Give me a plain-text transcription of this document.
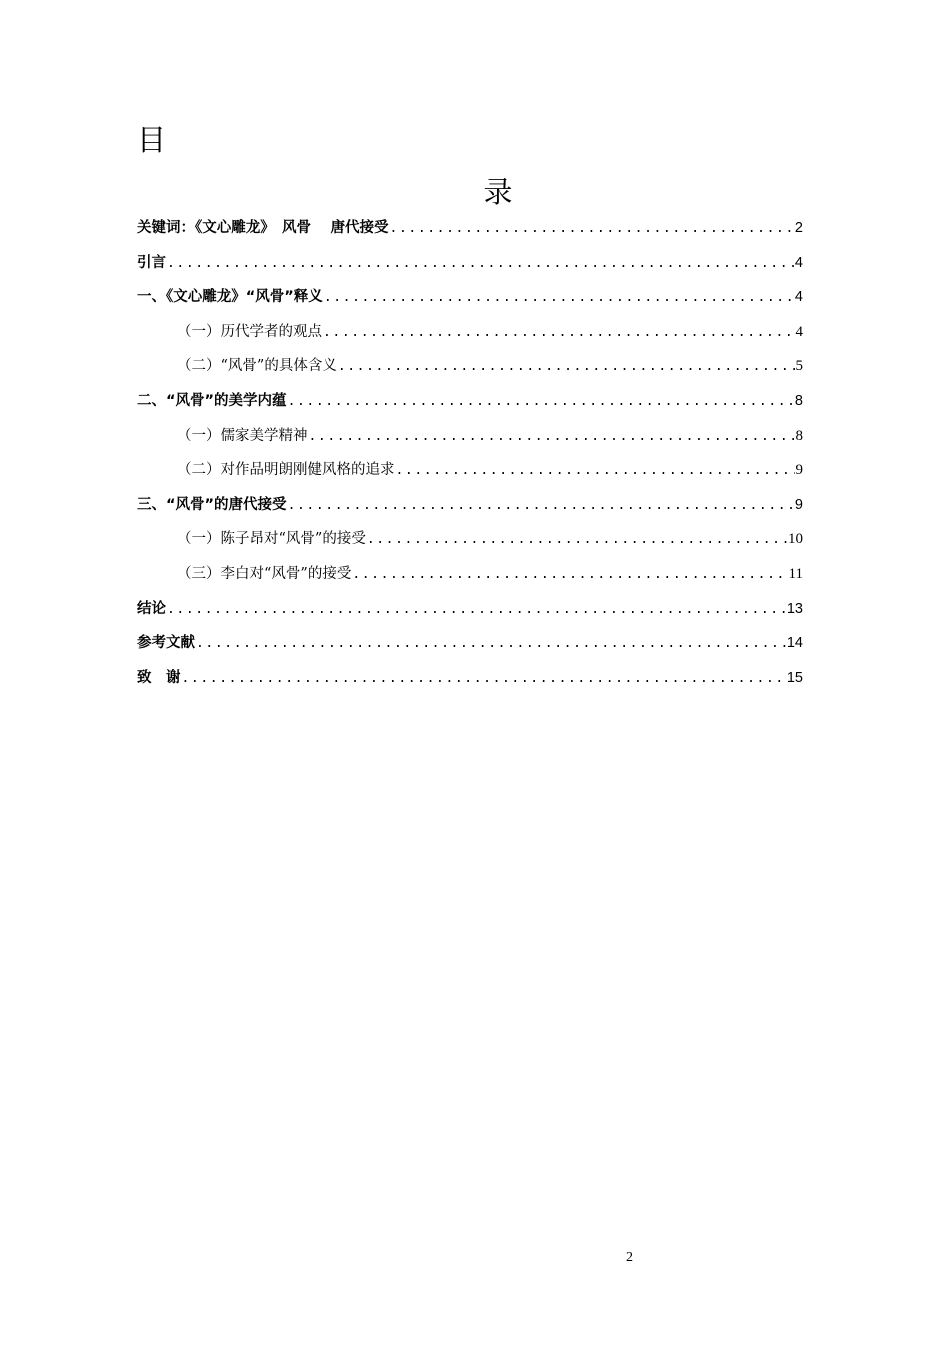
目
录
关键词：《文心雕龙》　风骨　 唐代接受 .....	2
引言 .....	4
一、《文心雕龙》“风骨”释义 .....	4
（一）历代学者的观点 .....	4
（二）“风骨”的具体含义 .....	5
二、“风骨”的美学内蕴 .....	8
（一）儒家美学精神 .....	8
（二）对作品明朗刚健风格的追求 .....	9
三、“风骨”的唐代接受 .....	9
（一）陈子昂对“风骨”的接受 .....	10
（三）李白对“风骨”的接受 .....	11
结论 .....	13
参考文献 .....	14
致　谢 .....	15
2
